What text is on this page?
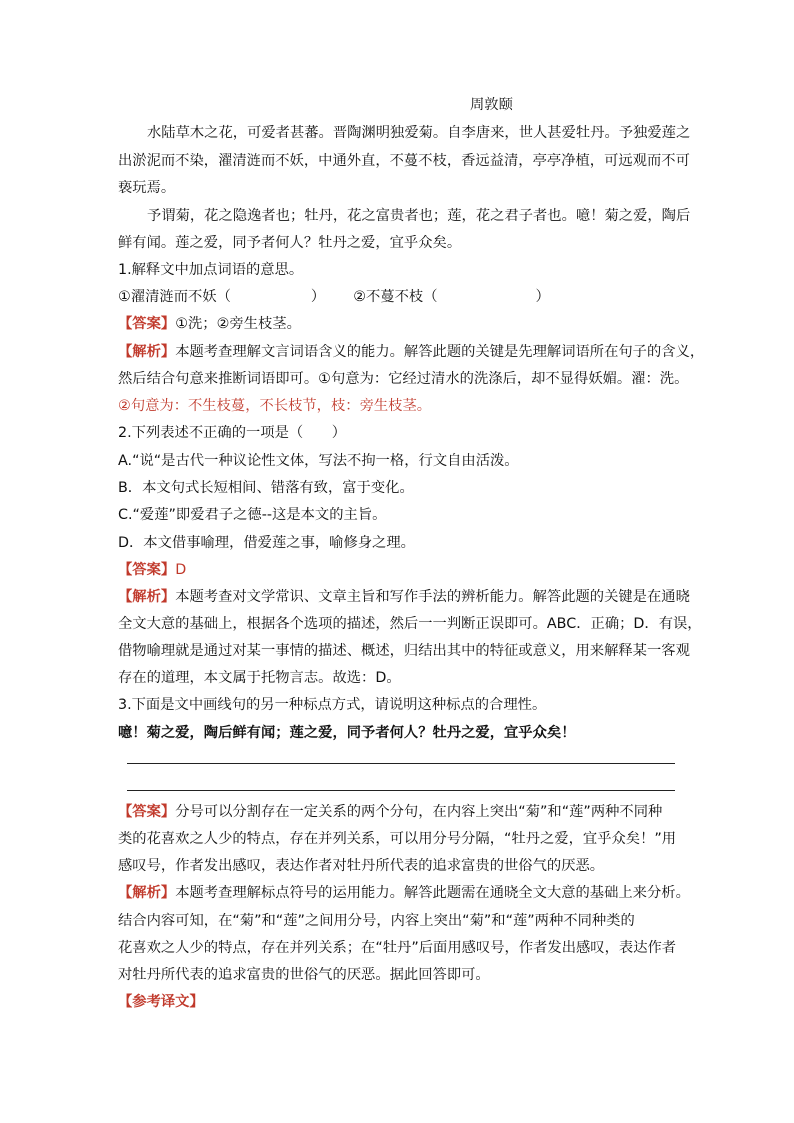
周敦颐
水陆草木之花，可爱者甚蕃。晋陶渊明独爱菊。自李唐来，世人甚爱牡丹。予独爱莲之
出淤泥而不染，濯清涟而不妖，中通外直，不蔓不枝，香远益清，亭亭净植，可远观而不可
亵玩焉。
予谓菊，花之隐逸者也；牡丹，花之富贵者也；莲，花之君子者也。噫！菊之爱，陶后
鲜有闻。莲之爱，同予者何人？牡丹之爱，宜乎众矣。
1.解释文中加点词语的意思。
①濯清涟而不妖（	） ②不蔓不枝（	）
【答案】①洗；②旁生枝茎。
【解析】本题考查理解文言词语含义的能力。解答此题的关键是先理解词语所在句子的含义，
然后结合句意来推断词语即可。①句意为：它经过清水的洗涤后，却不显得妖媚。濯：洗。
②句意为：不生枝蔓，不长枝节，枝：旁生枝茎。
2.下列表述不正确的一项是（　　）
A.“说“是古代一种议论性文体，写法不拘一格，行文自由活泼。
B．本文句式长短相间、错落有致，富于变化。
C.“爱莲”即爱君子之德--这是本文的主旨。
D．本文借事喻理，借爱莲之事，喻修身之理。
【答案】D
【解析】本题考查对文学常识、文章主旨和写作手法的辨析能力。解答此题的关键是在通晓
全文大意的基础上，根据各个选项的描述，然后一一判断正误即可。ABC．正确；D．有误，
借物喻理就是通过对某一事情的描述、概述，归结出其中的特征或意义，用来解释某一客观
存在的道理，本文属于托物言志。故选：D。
3.下面是文中画线句的另一种标点方式，请说明这种标点的合理性。
噫！菊之爱，陶后鲜有闻；莲之爱，同予者何人？牡丹之爱，宜乎众矣！
【答案】分号可以分割存在一定关系的两个分句，在内容上突出“菊”和“莲”两种不同种
类的花喜欢之人少的特点，存在并列关系，可以用分号分隔，“牡丹之爱，宜乎众矣！”用
感叹号，作者发出感叹，表达作者对牡丹所代表的追求富贵的世俗气的厌恶。
【解析】本题考查理解标点符号的运用能力。解答此题需在通晓全文大意的基础上来分析。
结合内容可知，在“菊”和“莲”之间用分号，内容上突出“菊”和“莲”两种不同种类的
花喜欢之人少的特点，存在并列关系；在“牡丹”后面用感叹号，作者发出感叹，表达作者
对牡丹所代表的追求富贵的世俗气的厌恶。据此回答即可。
【参考译文】
